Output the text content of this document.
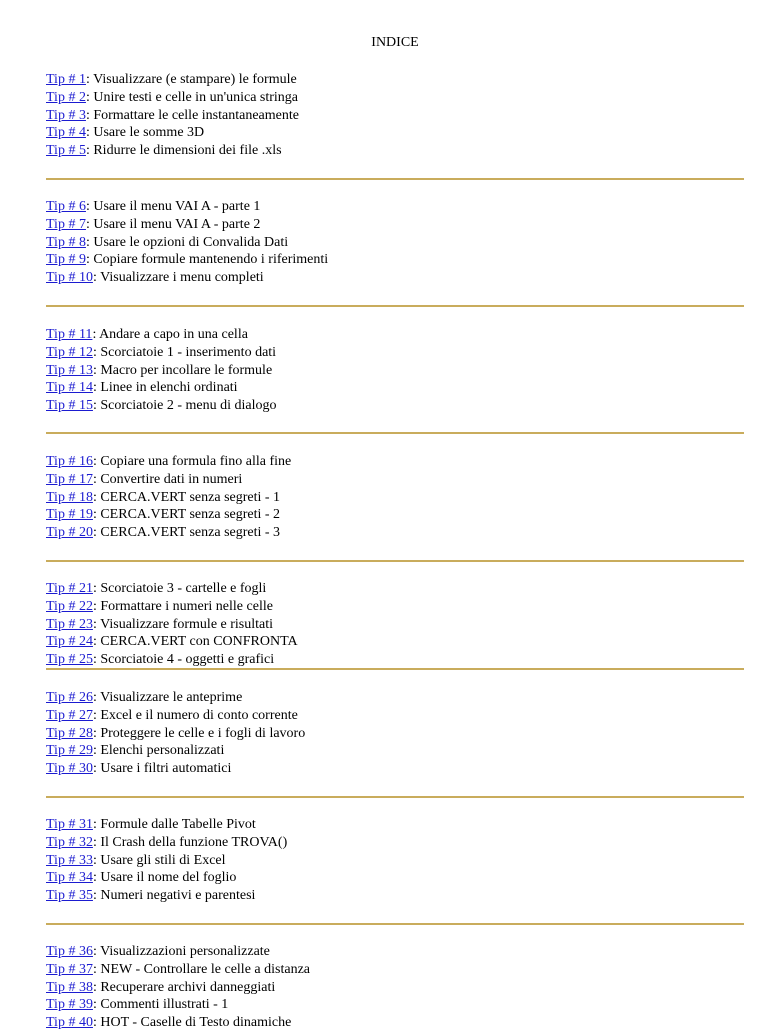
INDICE
Tip # 1: Visualizzare (e stampare) le formule
Tip # 2: Unire testi e celle in un'unica stringa
Tip # 3: Formattare le celle instantaneamente
Tip # 4: Usare le somme 3D
Tip # 5: Ridurre le dimensioni dei file .xls
Tip # 6: Usare il menu VAI A - parte 1
Tip # 7: Usare il menu VAI A - parte 2
Tip # 8: Usare le opzioni di Convalida Dati
Tip # 9: Copiare formule mantenendo i riferimenti
Tip # 10: Visualizzare i menu completi
Tip # 11: Andare a capo in una cella
Tip # 12: Scorciatoie 1 - inserimento dati
Tip # 13: Macro per incollare le formule
Tip # 14: Linee in elenchi ordinati
Tip # 15: Scorciatoie 2 - menu di dialogo
Tip # 16: Copiare una formula fino alla fine
Tip # 17: Convertire dati in numeri
Tip # 18: CERCA.VERT senza segreti - 1
Tip # 19: CERCA.VERT senza segreti - 2
Tip # 20: CERCA.VERT senza segreti - 3
Tip # 21: Scorciatoie 3 - cartelle e fogli
Tip # 22: Formattare i numeri nelle celle
Tip # 23: Visualizzare formule e risultati
Tip # 24: CERCA.VERT con CONFRONTA
Tip # 25: Scorciatoie 4 - oggetti e grafici
Tip # 26: Visualizzare le anteprime
Tip # 27: Excel e il numero di conto corrente
Tip # 28: Proteggere le celle e i fogli di lavoro
Tip # 29: Elenchi personalizzati
Tip # 30: Usare i filtri automatici
Tip # 31: Formule dalle Tabelle Pivot
Tip # 32: Il Crash della funzione TROVA()
Tip # 33: Usare gli stili di Excel
Tip # 34: Usare il nome del foglio
Tip # 35: Numeri negativi e parentesi
Tip # 36: Visualizzazioni personalizzate
Tip # 37: NEW - Controllare le celle a distanza
Tip # 38: Recuperare archivi danneggiati
Tip # 39: Commenti illustrati - 1
Tip # 40: HOT - Caselle di Testo dinamiche
